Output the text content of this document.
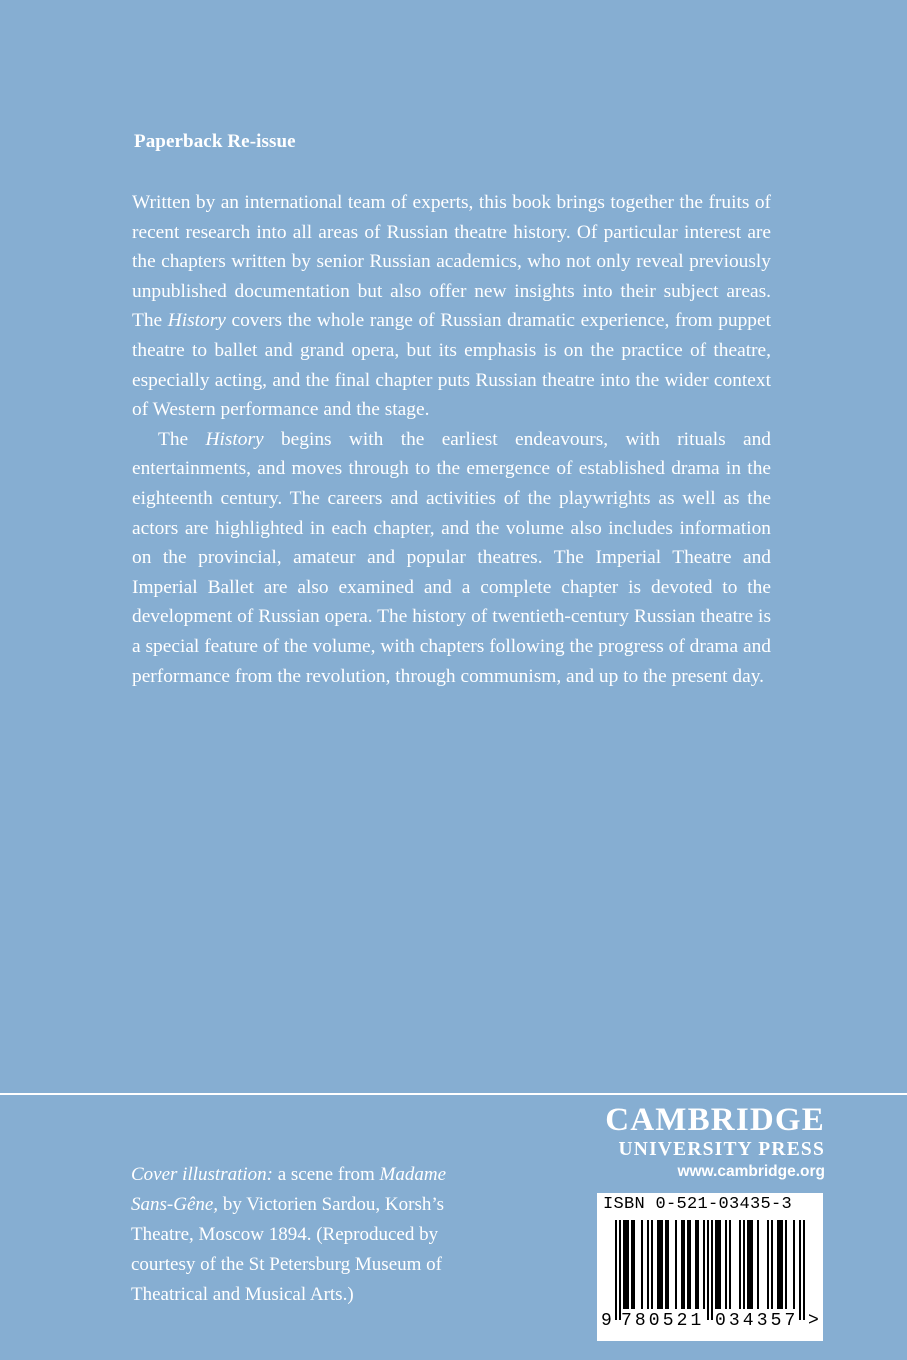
Paperback Re-issue

Written by an international team of experts, this book brings together the fruits of recent research into all areas of Russian theatre history. Of particular interest are the chapters written by senior Russian academics, who not only reveal previously unpublished documentation but also offer new insights into their subject areas. The History covers the whole range of Russian dramatic experience, from puppet theatre to ballet and grand opera, but its emphasis is on the practice of theatre, especially acting, and the final chapter puts Russian theatre into the wider context of Western performance and the stage.

The History begins with the earliest endeavours, with rituals and entertainments, and moves through to the emergence of established drama in the eighteenth century. The careers and activities of the playwrights as well as the actors are highlighted in each chapter, and the volume also includes information on the provincial, amateur and popular theatres. The Imperial Theatre and Imperial Ballet are also examined and a complete chapter is devoted to the development of Russian opera. The history of twentieth-century Russian theatre is a special feature of the volume, with chapters following the progress of drama and performance from the revolution, through communism, and up to the present day.

Cover illustration: a scene from Madame Sans-Gêne, by Victorien Sardou, Korsh’s Theatre, Moscow 1894. (Reproduced by courtesy of the St Petersburg Museum of Theatrical and Musical Arts.)
CAMBRIDGE
UNIVERSITY PRESS
www.cambridge.org
ISBN 0-521-03435-3
9 780521 034357 >
